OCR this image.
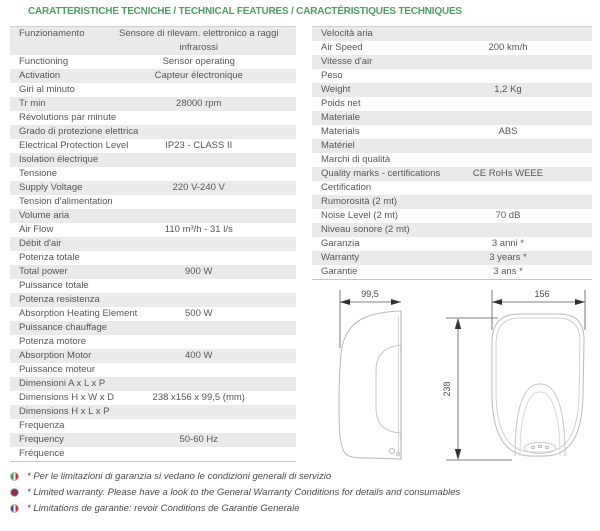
CARATTERISTICHE TECNICHE / TECHNICAL FEATURES / CARACTÉRISTIQUES TECHNIQUES
Funzionamento	Sensore di rilevam. elettronico a raggi infrarossi
Functioning	Sensor operating
Activation	Capteur électronique
Giri al minuto
Tr min	28000 rpm
Révolutions par minute
Grado di protezione elettrica
Electrical Protection Level	IP23 - CLASS II
Isolation électrique
Tensione
Supply Voltage	220 V-240 V
Tension d'alimentation
Volume aria
Air Flow	110 m³/h - 31 l/s
Débit d'air
Potenza totale
Total power	900 W
Puissance totale
Potenza resistenza
Absorption Heating Element	500 W
Puissance chauffage
Potenza motore
Absorption Motor	400 W
Puissance moteur
Dimensioni A x L x P
Dimensions H x W x D	238 x156 x 99,5 (mm)
Dimensions H x L x P
Frequenza
Frequency	50-60 Hz
Fréquence
Velocità aria
Air Speed	200 km/h
Vitesse d'air
Peso
Weight	1,2 Kg
Poids net
Materiale
Materials	ABS
Matériel
Marchi di qualità
Quality marks - certifications	CE RoHs WEEE
Certification
Rumorosità (2 mt)
Noise Level (2 mt)	70 dB
Niveau sonore (2 mt)
Garanzia	3 anni *
Warranty	3 years *
Garantie	3 ans *
99,5	156
238
* Per le limitazioni di garanzia si vedano le condizioni generali di servizio
* Limited warranty. Please have a look to the General Warranty Conditions for details and consumables
* Limitations de garantie: revoir Conditions de Garantie Generale
